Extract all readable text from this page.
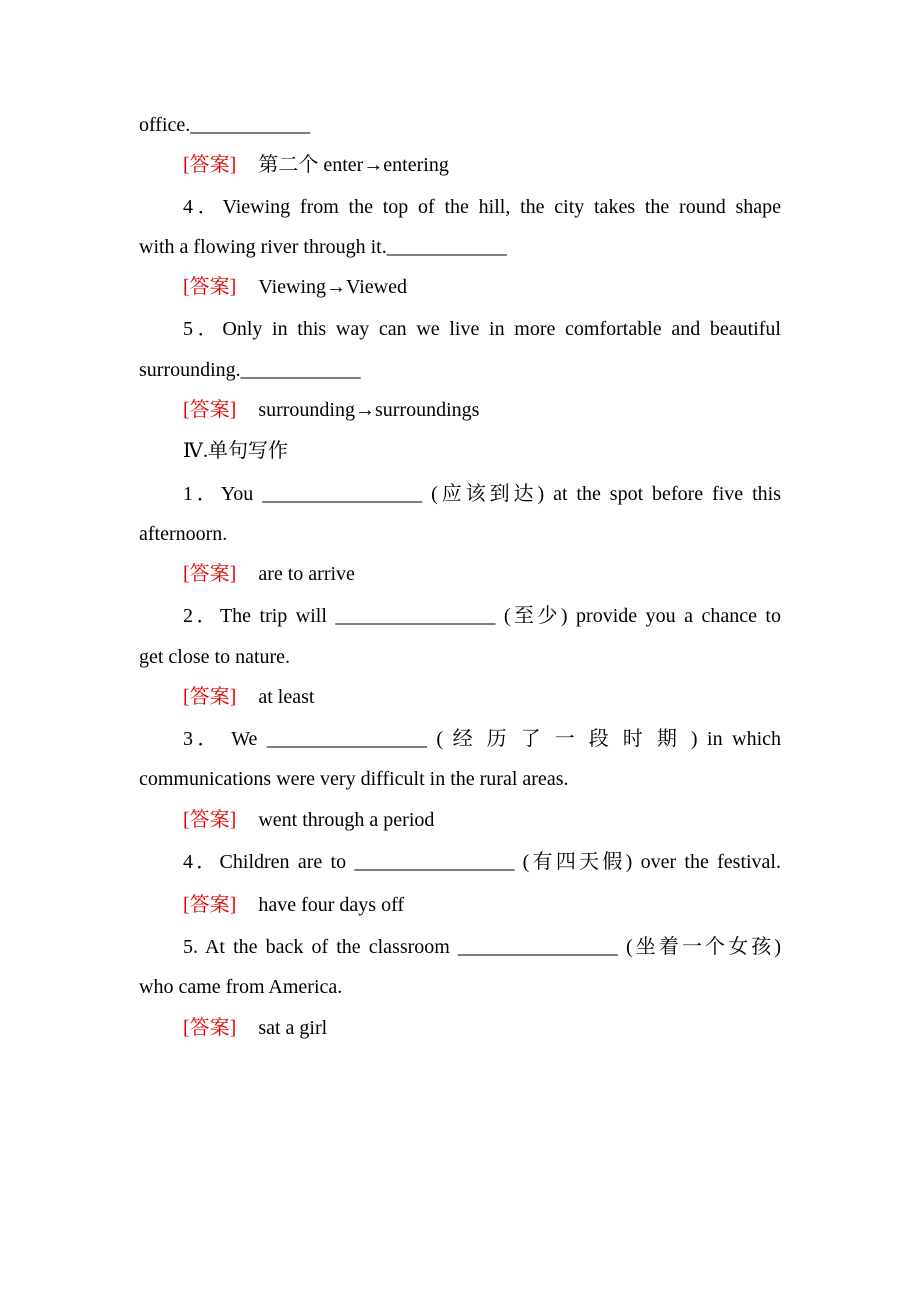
office.____________
[答案] 第二个 enter→entering
4．Viewing from the top of the hill, the city takes the round shape
with a flowing river through it.____________
[答案] Viewing→Viewed
5．Only in this way can we live in more comfortable and beautiful
surrounding.____________
[答案] surrounding→surroundings
Ⅳ.单句写作
1．You ________________ (应该到达) at the spot before five this
afternoorn.
[答案] are to arrive
2．The trip will ________________ (至少) provide you a chance to
get close to nature.
[答案] at least
3． We ________________ ( 经 历 了 一 段 时 期 ) in which
communications were very difficult in the rural areas.
[答案] went through a period
4．Children are to ________________ (有四天假) over the festival.
[答案] have four days off
5. At the back of the classroom ________________ (坐着一个女孩)
who came from America.
[答案] sat a girl
